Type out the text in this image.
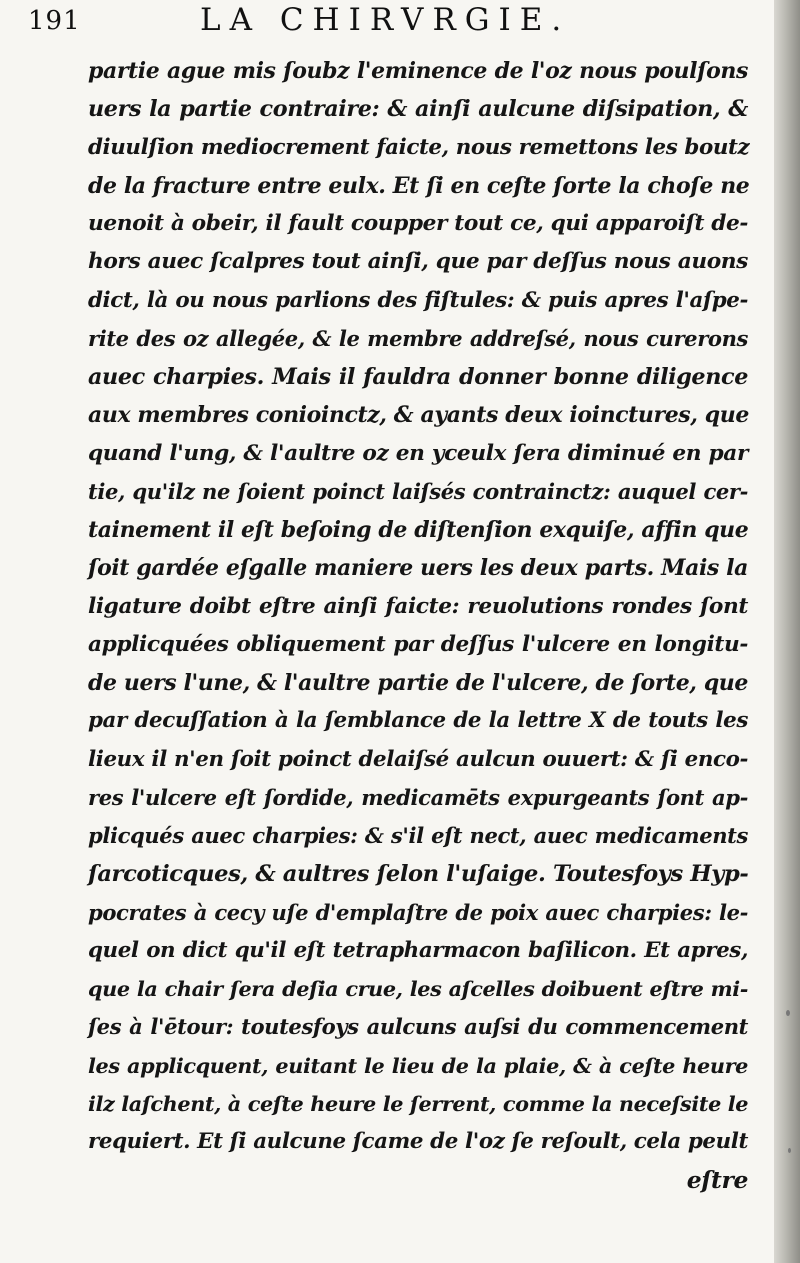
191	LA CHIRVRGIE.
partie ague mis ſoubz l'eminence de l'oz nous poulſons
uers la partie contraire: & ainſi aulcune diſsipation, &
diuulſion mediocrement faicte, nous remettons les boutz
de la fracture entre eulx. Et ſi en ceſte ſorte la choſe ne
uenoit à obeir, il fault coupper tout ce, qui apparoiſt de-
hors auec ſcalpres tout ainſi, que par deſſus nous auons
dict, là ou nous parlions des fiſtules: & puis apres l'aſpe-
rite des oz allegée, & le membre addreſsé, nous curerons
auec charpies. Mais il fauldra donner bonne diligence
aux membres conioinctz, & ayants deux ioinctures, que
quand l'ung, & l'aultre oz en yceulx ſera diminué en par
tie, qu'ilz ne ſoient poinct laiſsés contrainctz: auquel cer-
tainement il eſt beſoing de diſtenſion exquiſe, affin que
ſoit gardée eſgalle maniere uers les deux parts. Mais la
ligature doibt eſtre ainſi faicte: reuolutions rondes ſont
applicquées obliquement par deſſus l'ulcere en longitu-
de uers l'une, & l'aultre partie de l'ulcere, de ſorte, que
par decuſſation à la ſemblance de la lettre X de touts les
lieux il n'en ſoit poinct delaiſsé aulcun ouuert: & ſi enco-
res l'ulcere eſt ſordide, medicamēts expurgeants ſont ap-
plicqués auec charpies: & s'il eſt nect, auec medicaments
ſarcoticques, & aultres ſelon l'uſaige. Toutesfoys Hyp-
pocrates à cecy uſe d'emplaſtre de poix auec charpies: le-
quel on dict qu'il eſt tetrapharmacon baſilicon. Et apres,
que la chair ſera deſia crue, les aſcelles doibuent eſtre mi-
ſes à l'ētour: toutesfoys aulcuns auſsi du commencement
les applicquent, euitant le lieu de la plaie, & à ceſte heure
ilz laſchent, à ceſte heure le ſerrent, comme la neceſsite le
requiert. Et ſi aulcune ſcame de l'oz ſe reſoult, cela peult
eſtre
